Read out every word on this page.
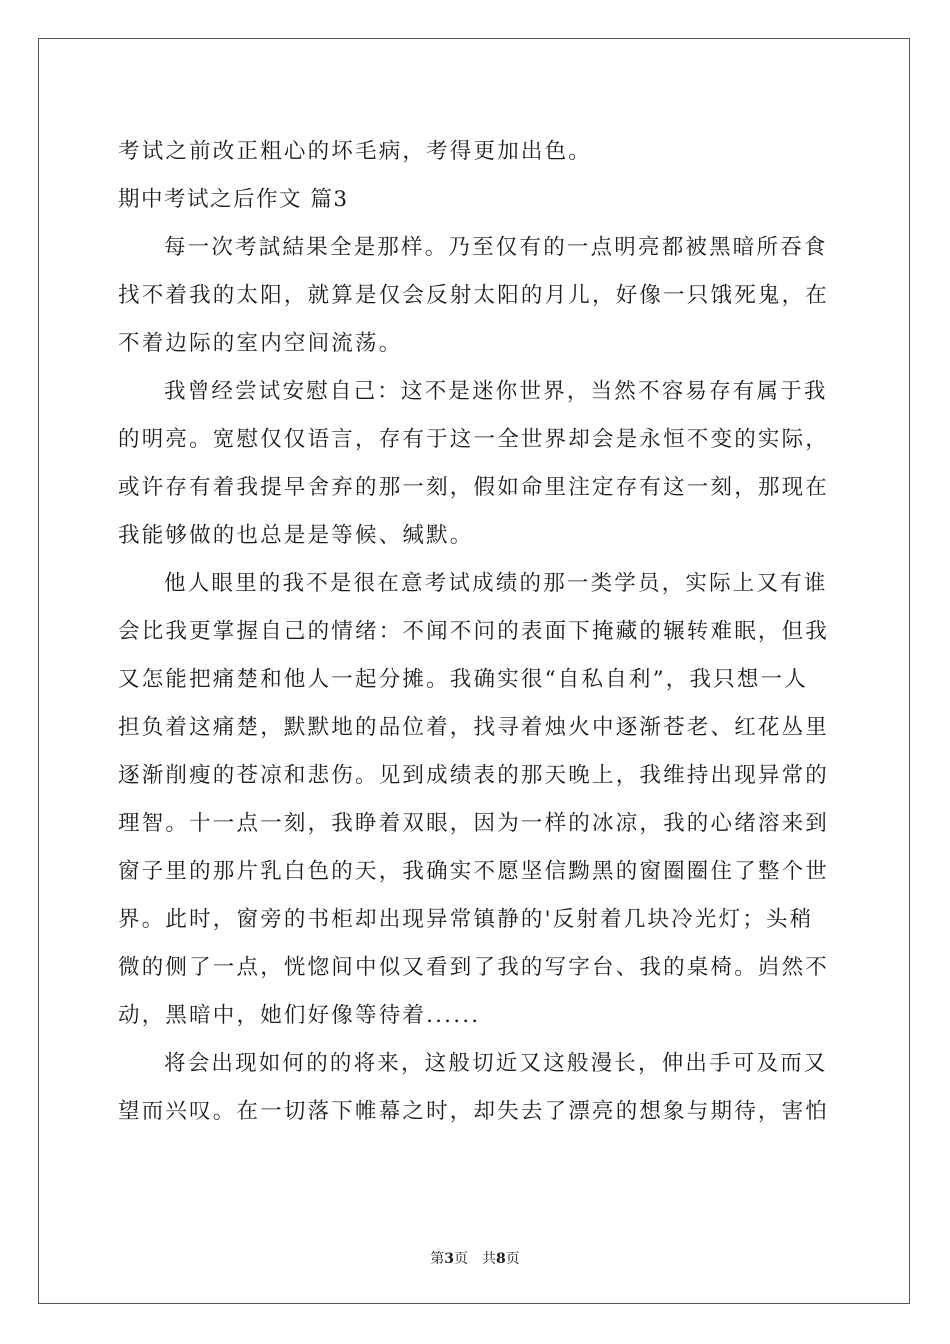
考试之前改正粗心的坏毛病，考得更加出色。

期中考试之后作文 篇3

每一次考試結果全是那样。乃至仅有的一点明亮都被黑暗所吞食

找不着我的太阳，就算是仅会反射太阳的月儿，好像一只饿死鬼，在

不着边际的室内空间流荡。

我曾经尝试安慰自己：这不是迷你世界，当然不容易存有属于我

的明亮。宽慰仅仅语言，存有于这一全世界却会是永恒不变的实际，

或许存有着我提早舍弃的那一刻，假如命里注定存有这一刻，那现在

我能够做的也总是是等候、缄默。

他人眼里的我不是很在意考试成绩的那一类学员，实际上又有谁

会比我更掌握自己的情绪：不闻不问的表面下掩藏的辗转难眠，但我

又怎能把痛楚和他人一起分摊。我确实很“自私自利”，我只想一人

担负着这痛楚，默默地的品位着，找寻着烛火中逐渐苍老、红花丛里

逐渐削瘦的苍凉和悲伤。见到成绩表的那天晚上，我维持出现异常的

理智。十一点一刻，我睁着双眼，因为一样的冰凉，我的心绪溶来到

窗子里的那片乳白色的天，我确实不愿坚信黝黑的窗圈圈住了整个世

界。此时，窗旁的书柜却出现异常镇静的'反射着几块冷光灯；头稍

微的侧了一点，恍惚间中似又看到了我的写字台、我的桌椅。岿然不

动，黑暗中，她们好像等待着......

将会出现如何的的将来，这般切近又这般漫长，伸出手可及而又

望而兴叹。在一切落下帷幕之时，却失去了漂亮的想象与期待，害怕

第3页 共8页
